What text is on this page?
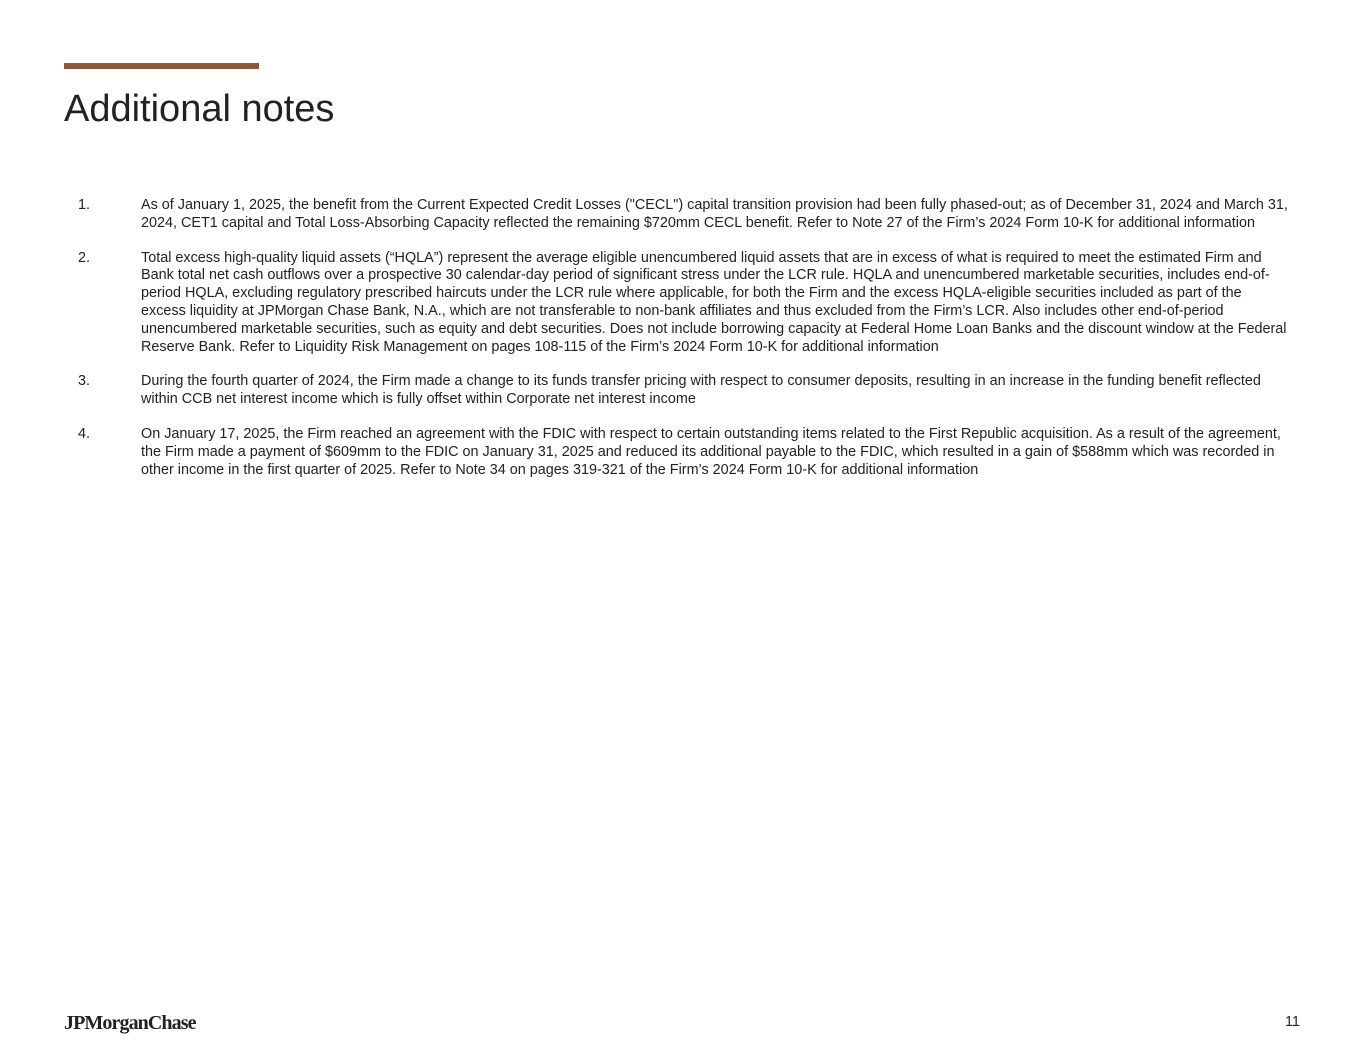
Additional notes
1.	As of January 1, 2025, the benefit from the Current Expected Credit Losses ("CECL") capital transition provision had been fully phased-out; as of December 31, 2024 and March 31, 2024, CET1 capital and Total Loss-Absorbing Capacity reflected the remaining $720mm CECL benefit. Refer to Note 27 of the Firm’s 2024 Form 10-K for additional information
2.	Total excess high-quality liquid assets (“HQLA”) represent the average eligible unencumbered liquid assets that are in excess of what is required to meet the estimated Firm and Bank total net cash outflows over a prospective 30 calendar-day period of significant stress under the LCR rule. HQLA and unencumbered marketable securities, includes end-of-period HQLA, excluding regulatory prescribed haircuts under the LCR rule where applicable, for both the Firm and the excess HQLA-eligible securities included as part of the excess liquidity at JPMorgan Chase Bank, N.A., which are not transferable to non-bank affiliates and thus excluded from the Firm’s LCR. Also includes other end-of-period unencumbered marketable securities, such as equity and debt securities. Does not include borrowing capacity at Federal Home Loan Banks and the discount window at the Federal Reserve Bank. Refer to Liquidity Risk Management on pages 108-115 of the Firm’s 2024 Form 10-K for additional information
3.	During the fourth quarter of 2024, the Firm made a change to its funds transfer pricing with respect to consumer deposits, resulting in an increase in the funding benefit reflected within CCB net interest income which is fully offset within Corporate net interest income
4.	On January 17, 2025, the Firm reached an agreement with the FDIC with respect to certain outstanding items related to the First Republic acquisition. As a result of the agreement, the Firm made a payment of $609mm to the FDIC on January 31, 2025 and reduced its additional payable to the FDIC, which resulted in a gain of $588mm which was recorded in other income in the first quarter of 2025. Refer to Note 34 on pages 319-321 of the Firm’s 2024 Form 10-K for additional information
JPMorganChase	11
